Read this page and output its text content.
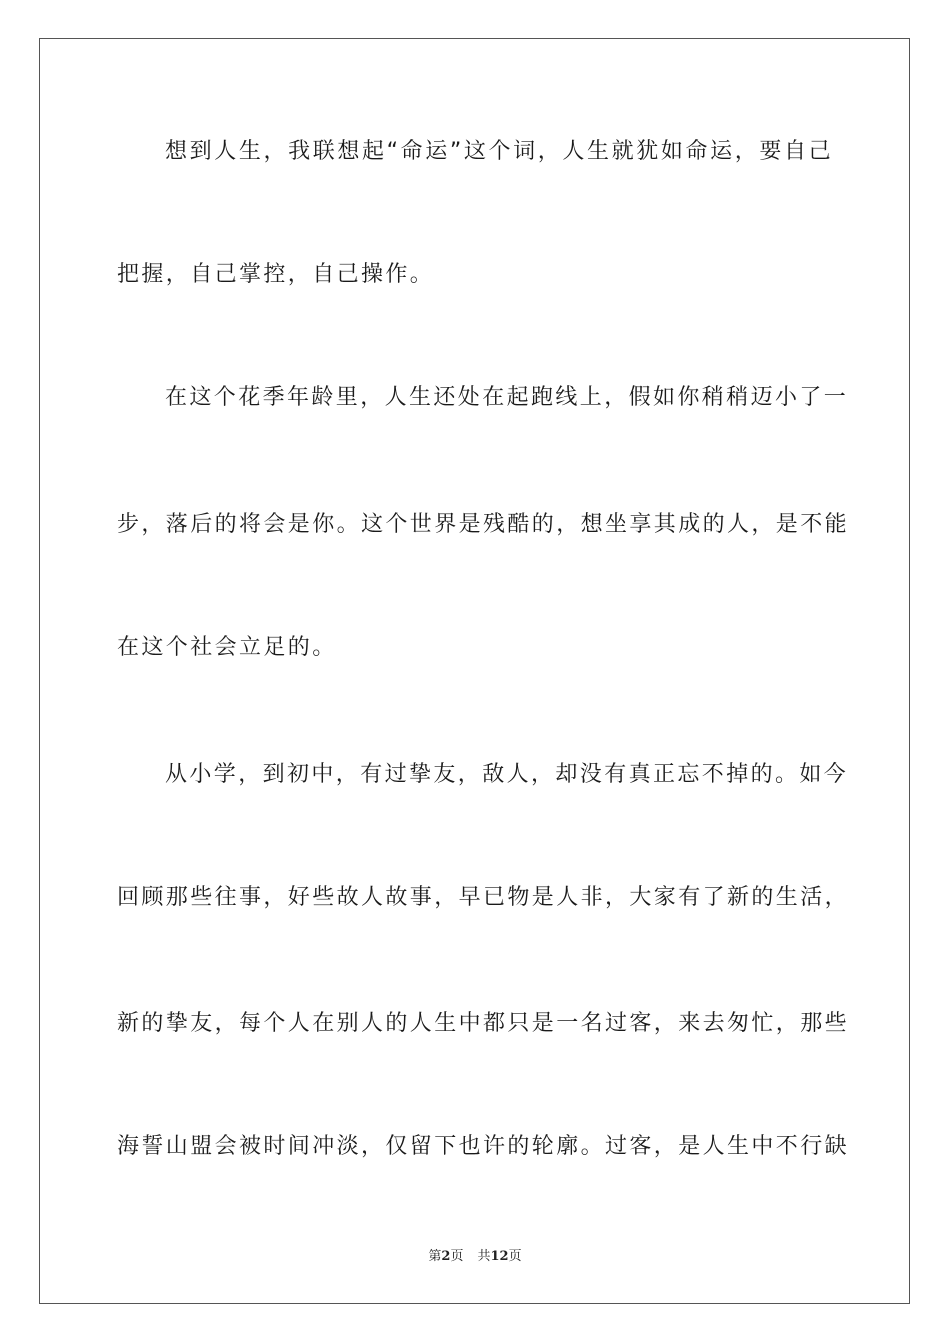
想到人生，我联想起“命运”这个词，人生就犹如命运，要自己
把握，自己掌控，自己操作。
在这个花季年龄里，人生还处在起跑线上，假如你稍稍迈小了一
步，落后的将会是你。这个世界是残酷的，想坐享其成的人，是不能
在这个社会立足的。
从小学，到初中，有过挚友，敌人，却没有真正忘不掉的。如今
回顾那些往事，好些故人故事，早已物是人非，大家有了新的生活，
新的挚友，每个人在别人的人生中都只是一名过客，来去匆忙，那些
海誓山盟会被时间冲淡，仅留下也许的轮廓。过客，是人生中不行缺
第2页 共12页
